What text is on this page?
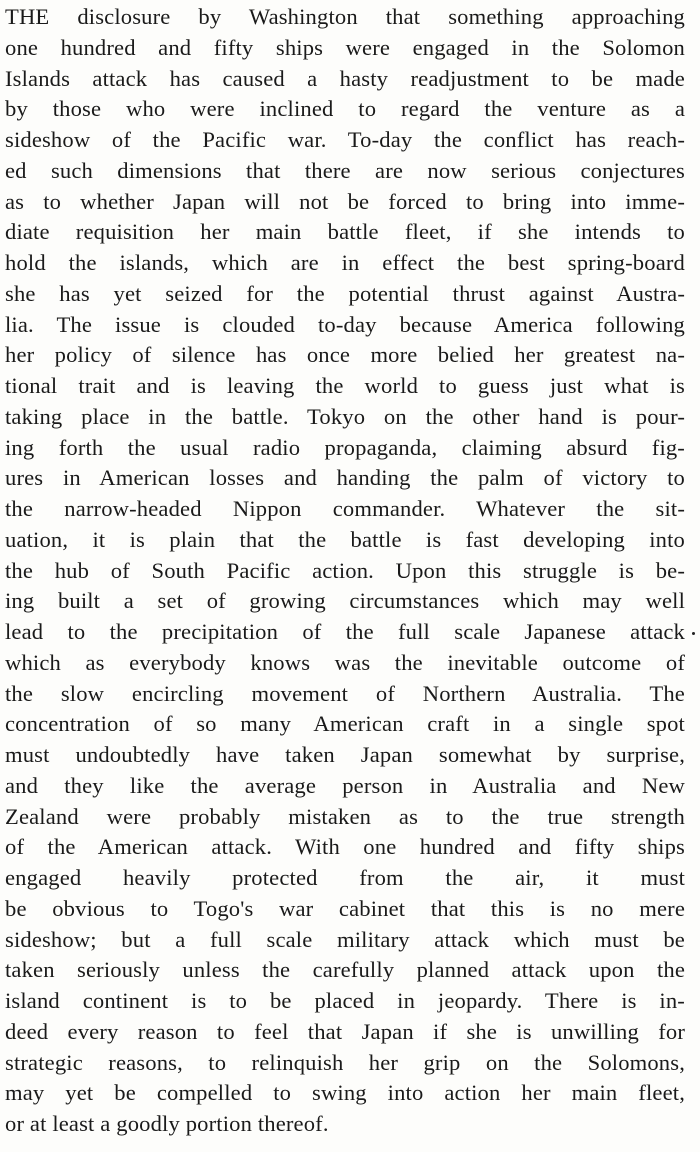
THE disclosure by Washington that something approaching
one hundred and fifty ships were engaged in the Solomon
Islands attack has caused a hasty readjustment to be made
by those who were inclined to regard the venture as a
sideshow of the Pacific war. To-day the conflict has reach-
ed such dimensions that there are now serious conjectures
as to whether Japan will not be forced to bring into imme-
diate requisition her main battle fleet, if she intends to
hold the islands, which are in effect the best spring-board
she has yet seized for the potential thrust against Austra-
lia. The issue is clouded to-day because America following
her policy of silence has once more belied her greatest na-
tional trait and is leaving the world to guess just what is
taking place in the battle. Tokyo on the other hand is pour-
ing forth the usual radio propaganda, claiming absurd fig-
ures in American losses and handing the palm of victory to
the narrow-headed Nippon commander. Whatever the sit-
uation, it is plain that the battle is fast developing into
the hub of South Pacific action. Upon this struggle is be-
ing built a set of growing circumstances which may well
lead to the precipitation of the full scale Japanese attack
which as everybody knows was the inevitable outcome of
the slow encircling movement of Northern Australia. The
concentration of so many American craft in a single spot
must undoubtedly have taken Japan somewhat by surprise,
and they like the average person in Australia and New
Zealand were probably mistaken as to the true strength
of the American attack. With one hundred and fifty ships
engaged heavily protected from the air, it must
be obvious to Togo's war cabinet that this is no mere
sideshow; but a full scale military attack which must be
taken seriously unless the carefully planned attack upon the
island continent is to be placed in jeopardy. There is in-
deed every reason to feel that Japan if she is unwilling for
strategic reasons, to relinquish her grip on the Solomons,
may yet be compelled to swing into action her main fleet,
or at least a goodly portion thereof.
